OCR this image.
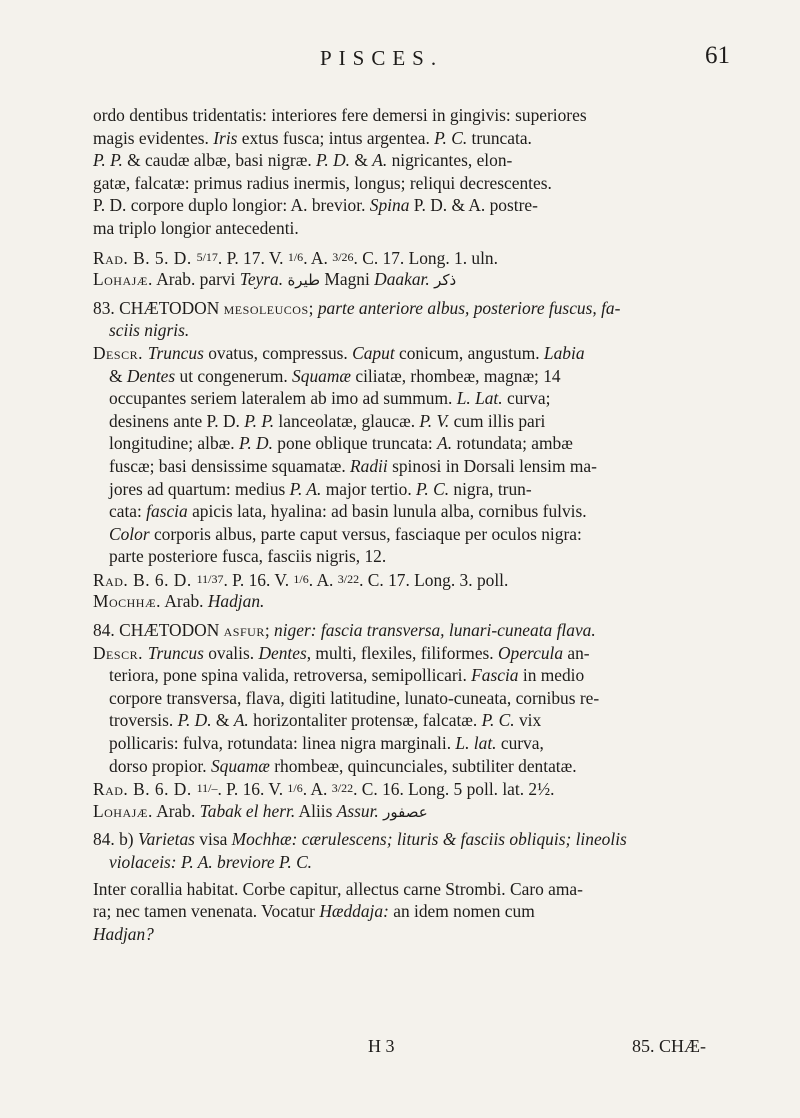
PISCES.	61
ordo dentibus tridentatis: interiores fere demersi in gingivis: superiores
magis evidentes. Iris extus fusca; intus argentea. P. C. truncata.
P. P. & caudæ albæ, basi nigræ. P. D. & A. nigricantes, elon-
gatæ, falcatæ: primus radius inermis, longus; reliqui decrescentes.
P. D. corpore duplo longior: A. brevior. Spina P. D. & A. postre-
ma triplo longior antecedenti.
Rad. B. 5. D. 5/17. P. 17. V. 1/6. A. 3/26. C. 17. Long. 1. uln.
Lohajæ. Arab. parvi Teyra. طيرة Magni Daakar. ذكر
83. CHÆTODON mesoleucos; parte anteriore albus, posteriore fuscus, fa-
sciis nigris.
Descr. Truncus ovatus, compressus. Caput conicum, angustum. Labia
& Dentes ut congenerum. Squamæ ciliatæ, rhombeæ, magnæ; 14
occupantes seriem lateralem ab imo ad summum. L. Lat. curva;
desinens ante P. D. P. P. lanceolatæ, glaucæ. P. V. cum illis pari
longitudine; albæ. P. D. pone oblique truncata: A. rotundata; ambæ
fuscæ; basi densissime squamatæ. Radii spinosi in Dorsali lensim ma-
jores ad quartum: medius P. A. major tertio. P. C. nigra, trun-
cata: fascia apicis lata, hyalina: ad basin lunula alba, cornibus fulvis.
Color corporis albus, parte caput versus, fasciaque per oculos nigra:
parte posteriore fusca, fasciis nigris, 12.
Rad. B. 6. D. 11/37. P. 16. V. 1/6. A. 3/22. C. 17. Long. 3. poll.
Mochhæ. Arab. Hadjan.
84. CHÆTODON asfur; niger: fascia transversa, lunari-cuneata flava.
Descr. Truncus ovalis. Dentes, multi, flexiles, filiformes. Opercula an-
teriora, pone spina valida, retroversa, semipollicari. Fascia in medio
corpore transversa, flava, digiti latitudine, lunato-cuneata, cornibus re-
troversis. P. D. & A. horizontaliter protensæ, falcatæ. P. C. vix
pollicaris: fulva, rotundata: linea nigra marginali. L. lat. curva,
dorso propior. Squamæ rhombeæ, quincunciales, subtiliter dentatæ.
Rad. B. 6. D. 11/–. P. 16. V. 1/6. A. 3/22. C. 16. Long. 5 poll. lat. 2½.
Lohajæ. Arab. Tabak el herr. Aliis Assur. عصفور
84. b) Varietas visa Mochhæ: cærulescens; lituris & fasciis obliquis; lineolis
violaceis: P. A. breviore P. C.
Inter corallia habitat. Corbe capitur, allectus carne Strombi. Caro ama-
ra; nec tamen venenata. Vocatur Hæddaja: an idem nomen cum
Hadjan?
H 3	85. CHÆ-
